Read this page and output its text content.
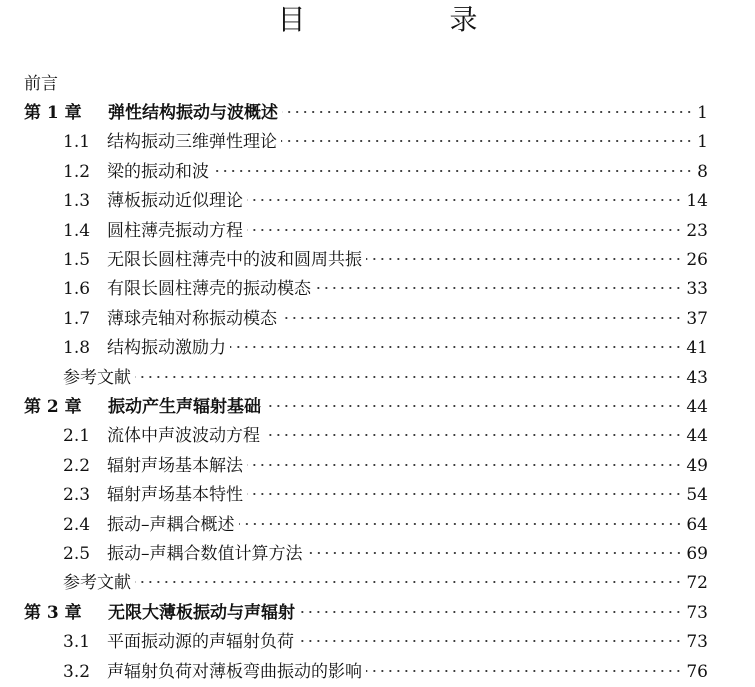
目　录
前言
第 1 章	弹性结构振动与波概述	1
1.1 结构振动三维弹性理论	1
1.2 梁的振动和波	8
1.3 薄板振动近似理论	14
1.4 圆柱薄壳振动方程	23
1.5 无限长圆柱薄壳中的波和圆周共振	26
1.6 有限长圆柱薄壳的振动模态	33
1.7 薄球壳轴对称振动模态	37
1.8 结构振动激励力	41
参考文献	43
第 2 章	振动产生声辐射基础	44
2.1 流体中声波波动方程	44
2.2 辐射声场基本解法	49
2.3 辐射声场基本特性	54
2.4 振动–声耦合概述	64
2.5 振动–声耦合数值计算方法	69
参考文献	72
第 3 章	无限大薄板振动与声辐射	73
3.1 平面振动源的声辐射负荷	73
3.2 声辐射负荷对薄板弯曲振动的影响	76
